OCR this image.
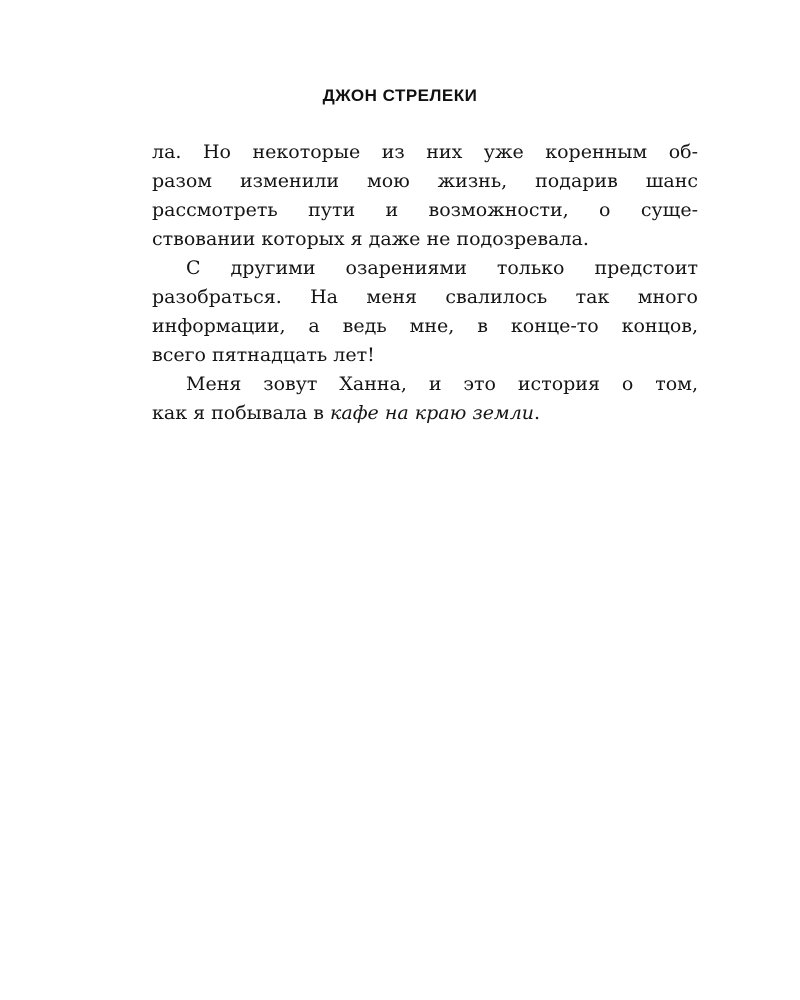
ДЖОН СТРЕЛЕКИ
ла. Но некоторые из них уже коренным об-
разом изменили мою жизнь, подарив шанс
рассмотреть пути и возможности, о суще-
ствовании которых я даже не подозревала.
С другими озарениями только предстоит
разобраться. На меня свалилось так много
информации, а ведь мне, в конце-то концов,
всего пятнадцать лет!
Меня зовут Ханна, и это история о том,
как я побывала в кафе на краю земли.
